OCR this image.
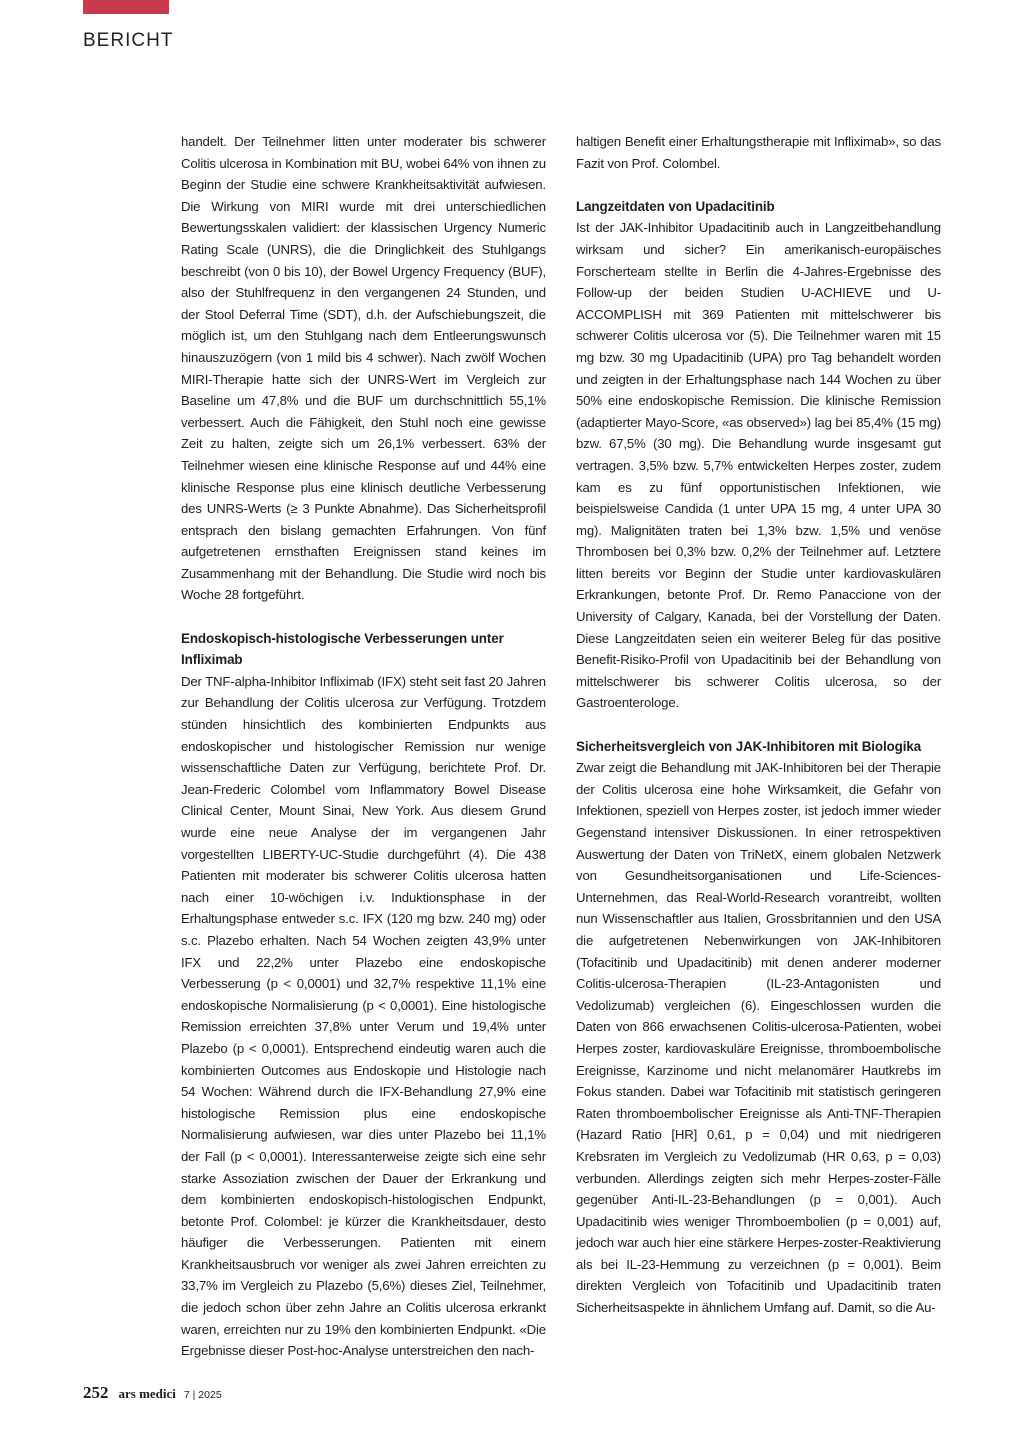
BERICHT

handelt. Der Teilnehmer litten unter moderater bis schwerer Colitis ulcerosa in Kombination mit BU, wobei 64% von ihnen zu Beginn der Studie eine schwere Krankheitsaktivität aufwiesen. Die Wirkung von MIRI wurde mit drei unterschiedlichen Bewertungsskalen validiert: der klassischen Urgency Numeric Rating Scale (UNRS), die die Dringlichkeit des Stuhlgangs beschreibt (von 0 bis 10), der Bowel Urgency Frequency (BUF), also der Stuhlfrequenz in den vergangenen 24 Stunden, und der Stool Deferral Time (SDT), d.h. der Aufschiebungszeit, die möglich ist, um den Stuhlgang nach dem Entleerungswunsch hinauszuzögern (von 1 mild bis 4 schwer). Nach zwölf Wochen MIRI-Therapie hatte sich der UNRS-Wert im Vergleich zur Baseline um 47,8% und die BUF um durchschnittlich 55,1% verbessert. Auch die Fähigkeit, den Stuhl noch eine gewisse Zeit zu halten, zeigte sich um 26,1% verbessert. 63% der Teilnehmer wiesen eine klinische Response auf und 44% eine klinische Response plus eine klinisch deutliche Verbesserung des UNRS-Werts (≥ 3 Punkte Abnahme). Das Sicherheitsprofil entsprach den bislang gemachten Erfahrungen. Von fünf aufgetretenen ernsthaften Ereignissen stand keines im Zusammenhang mit der Behandlung. Die Studie wird noch bis Woche 28 fortgeführt.

Endoskopisch-histologische Verbesserungen unter Infliximab

Der TNF-alpha-Inhibitor Infliximab (IFX) steht seit fast 20 Jahren zur Behandlung der Colitis ulcerosa zur Verfügung. Trotzdem stünden hinsichtlich des kombinierten Endpunkts aus endoskopischer und histologischer Remission nur wenige wissenschaftliche Daten zur Verfügung, berichtete Prof. Dr. Jean-Frederic Colombel vom Inflammatory Bowel Disease Clinical Center, Mount Sinai, New York. Aus diesem Grund wurde eine neue Analyse der im vergangenen Jahr vorgestellten LIBERTY-UC-Studie durchgeführt (4). Die 438 Patienten mit moderater bis schwerer Colitis ulcerosa hatten nach einer 10-wöchigen i.v. Induktionsphase in der Erhaltungsphase entweder s.c. IFX (120 mg bzw. 240 mg) oder s.c. Plazebo erhalten. Nach 54 Wochen zeigten 43,9% unter IFX und 22,2% unter Plazebo eine endoskopische Verbesserung (p < 0,0001) und 32,7% respektive 11,1% eine endoskopische Normalisierung (p < 0,0001). Eine histologische Remission erreichten 37,8% unter Verum und 19,4% unter Plazebo (p < 0,0001). Entsprechend eindeutig waren auch die kombinierten Outcomes aus Endoskopie und Histologie nach 54 Wochen: Während durch die IFX-Behandlung 27,9% eine histologische Remission plus eine endoskopische Normalisierung aufwiesen, war dies unter Plazebo bei 11,1% der Fall (p < 0,0001). Interessanterweise zeigte sich eine sehr starke Assoziation zwischen der Dauer der Erkrankung und dem kombinierten endoskopisch-histologischen Endpunkt, betonte Prof. Colombel: je kürzer die Krankheitsdauer, desto häufiger die Verbesserungen. Patienten mit einem Krankheitsausbruch vor weniger als zwei Jahren erreichten zu 33,7% im Vergleich zu Plazebo (5,6%) dieses Ziel, Teilnehmer, die jedoch schon über zehn Jahre an Colitis ulcerosa erkrankt waren, erreichten nur zu 19% den kombinierten Endpunkt. «Die Ergebnisse dieser Post-hoc-Analyse unterstreichen den nach-

haltigen Benefit einer Erhaltungstherapie mit Infliximab», so das Fazit von Prof. Colombel.

Langzeitdaten von Upadacitinib

Ist der JAK-Inhibitor Upadacitinib auch in Langzeitbehandlung wirksam und sicher? Ein amerikanisch-europäisches Forscherteam stellte in Berlin die 4-Jahres-Ergebnisse des Follow-up der beiden Studien U-ACHIEVE und U-ACCOMPLISH mit 369 Patienten mit mittelschwerer bis schwerer Colitis ulcerosa vor (5). Die Teilnehmer waren mit 15 mg bzw. 30 mg Upadacitinib (UPA) pro Tag behandelt worden und zeigten in der Erhaltungsphase nach 144 Wochen zu über 50% eine endoskopische Remission. Die klinische Remission (adaptierter Mayo-Score, «as observed») lag bei 85,4% (15 mg) bzw. 67,5% (30 mg). Die Behandlung wurde insgesamt gut vertragen. 3,5% bzw. 5,7% entwickelten Herpes zoster, zudem kam es zu fünf opportunistischen Infektionen, wie beispielsweise Candida (1 unter UPA 15 mg, 4 unter UPA 30 mg). Malignitäten traten bei 1,3% bzw. 1,5% und venöse Thrombosen bei 0,3% bzw. 0,2% der Teilnehmer auf. Letztere litten bereits vor Beginn der Studie unter kardiovaskulären Erkrankungen, betonte Prof. Dr. Remo Panaccione von der University of Calgary, Kanada, bei der Vorstellung der Daten. Diese Langzeitdaten seien ein weiterer Beleg für das positive Benefit-Risiko-Profil von Upadacitinib bei der Behandlung von mittelschwerer bis schwerer Colitis ulcerosa, so der Gastroenterologe.

Sicherheitsvergleich von JAK-Inhibitoren mit Biologika

Zwar zeigt die Behandlung mit JAK-Inhibitoren bei der Therapie der Colitis ulcerosa eine hohe Wirksamkeit, die Gefahr von Infektionen, speziell von Herpes zoster, ist jedoch immer wieder Gegenstand intensiver Diskussionen. In einer retrospektiven Auswertung der Daten von TriNetX, einem globalen Netzwerk von Gesundheitsorganisationen und Life-Sciences-Unternehmen, das Real-World-Research vorantreibt, wollten nun Wissenschaftler aus Italien, Grossbritannien und den USA die aufgetretenen Nebenwirkungen von JAK-Inhibitoren (Tofacitinib und Upadacitinib) mit denen anderer moderner Colitis-ulcerosa-Therapien (IL-23-Antagonisten und Vedolizumab) vergleichen (6). Eingeschlossen wurden die Daten von 866 erwachsenen Colitis-ulcerosa-Patienten, wobei Herpes zoster, kardiovaskuläre Ereignisse, thromboembolische Ereignisse, Karzinome und nicht melanomärer Hautkrebs im Fokus standen. Dabei war Tofacitinib mit statistisch geringeren Raten thromboembolischer Ereignisse als Anti-TNF-Therapien (Hazard Ratio [HR] 0,61, p = 0,04) und mit niedrigeren Krebsraten im Vergleich zu Vedolizumab (HR 0,63, p = 0,03) verbunden. Allerdings zeigten sich mehr Herpes-zoster-Fälle gegenüber Anti-IL-23-Behandlungen (p = 0,001). Auch Upadacitinib wies weniger Thromboembolien (p = 0,001) auf, jedoch war auch hier eine stärkere Herpes-zoster-Reaktivierung als bei IL-23-Hemmung zu verzeichnen (p = 0,001). Beim direkten Vergleich von Tofacitinib und Upadacitinib traten Sicherheitsaspekte in ähnlichem Umfang auf. Damit, so die Au-

252 ars medici 7 | 2025
